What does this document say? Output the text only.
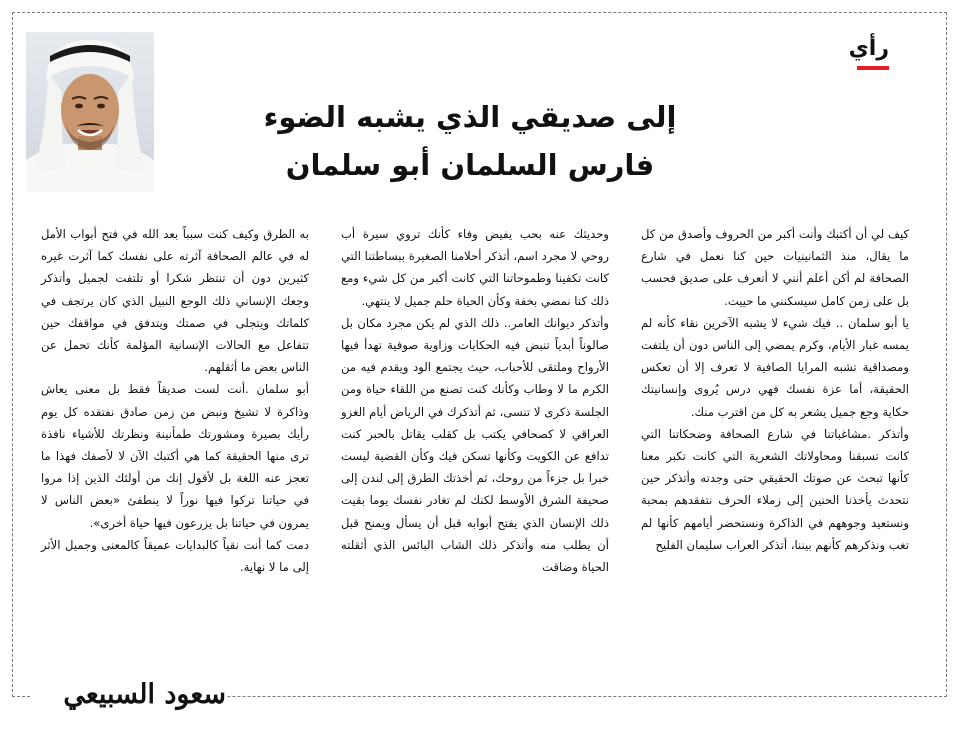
رأي
إلى صديقي الذي يشبه الضوء
فارس السلمان أبو سلمان

كيف لي أن أكتبك وأنت أكبر من الحروف وأصدق من كل ما يقال، منذ الثمانينيات حين كنا نعمل في شارع الصحافة لم أكن أعلم أنني لا أتعرف على صديق فحسب بل على زمن كامل سيسكنني ما حييت.

يا أبو سلمان .. فيك شيء لا يشبه الآخرين نقاء كأنه لم يمسه غبار الأيام، وكرم يمضي إلى الناس دون أن يلتفت ومصداقية تشبه المرايا الصافية لا تعرف إلا أن تعكس الحقيقة، أما عزة نفسك فهي درس يُروى وإنسانيتك حكاية وجع جميل يشعر به كل من اقترب منك.

وأتذكر .مشاغباتنا في شارع الصحافة وضحكاتنا التي كانت تسبقنا ومحاولاتك الشعرية التي كانت تكبر معنا كأنها تبحث عن صوتك الحقيقي حتى وجدته وأتذكر حين نتحدث يأخذنا الحنين إلى زملاء الحرف نتفقدهم بمحبة ونستعيد وجوههم في الذاكرة ونستحضر أيامهم كأنها لم تغب ونذكرهم كأنهم بيننا، أتذكر العراب سليمان الفليح

وحديثك عنه بحب يفيض وفاء كأنك تروي سيرة أب روحي لا مجرد اسم، أتذكر أحلامنا الصغيرة ببساطتنا التي كانت تكفينا وطموحاتنا التي كانت أكبر من كل شيء ومع ذلك كنا نمضي بخفة وكأن الحياة حلم جميل لا ينتهي.

وأتذكر ديوانك العامر.. ذلك الذي لم يكن مجرد مكان بل صالوناً أبدياً تنبض فيه الحكايات وزاوية صوفية تهدأ فيها الأرواح وملتقى للأحباب، حيث يجتمع الود ويقدم فيه من الكرم ما لا وطاب وكأنك كنت تصنع من اللقاء حياة ومن الجلسة ذكرى لا تنسى، ثم أتذكرك في الرياض أيام الغزو العراقي لا كصحافي يكتب بل كقلب يقاتل بالحبر كنت تدافع عن الكويت وكأنها تسكن فيك وكأن القضية ليست خبرا بل جزءاً من روحك، ثم أخذتك الطرق إلى لندن إلى صحيفة الشرق الأوسط لكنك لم تغادر نفسك يوما بقيت ذلك الإنسان الذي يفتح أبوابه قبل أن يسأل ويمنح قبل أن يطلب منه وأتذكر ذلك الشاب البائس الذي أثقلته الحياة وضاقت

به الطرق وكيف كنت سبباً بعد الله في فتح أبواب الأمل له في عالم الصحافة آثرته على نفسك كما آثرت غيره كثيرين دون أن تنتظر شكرا أو تلتفت لجميل وأتذكر وجعك الإنساني ذلك الوجع النبيل الذي كان يرتجف في كلماتك ويتجلى في صمتك ويتدفق في مواقفك حين تتفاعل مع الحالات الإنسانية المؤلمة كأنك تحمل عن الناس بعض ما أثقلهم.

أبو سلمان .أنت لست صديقاً فقط بل معنى يعاش وذاكرة لا تشيخ ونبض من زمن صادق نفتقده كل يوم رأيك بصيرة ومشورتك طمأنينة ونظرتك للأشياء نافذة ترى منها الحقيقة كما هي أكتبك الآن لا لأصفك فهذا ما تعجز عنه اللغة بل لأقول إنك من أولئك الذين إذا مروا في حياتنا تركوا فيها نوراً لا ينطفئ «بعض الناس لا يمرون في حياتنا بل يزرعون فيها حياة أخرى».

دمت كما أنت نقياً كالبدايات عميقاً كالمعنى وجميل الأثر إلى ما لا نهاية.

سعود السبيعي
